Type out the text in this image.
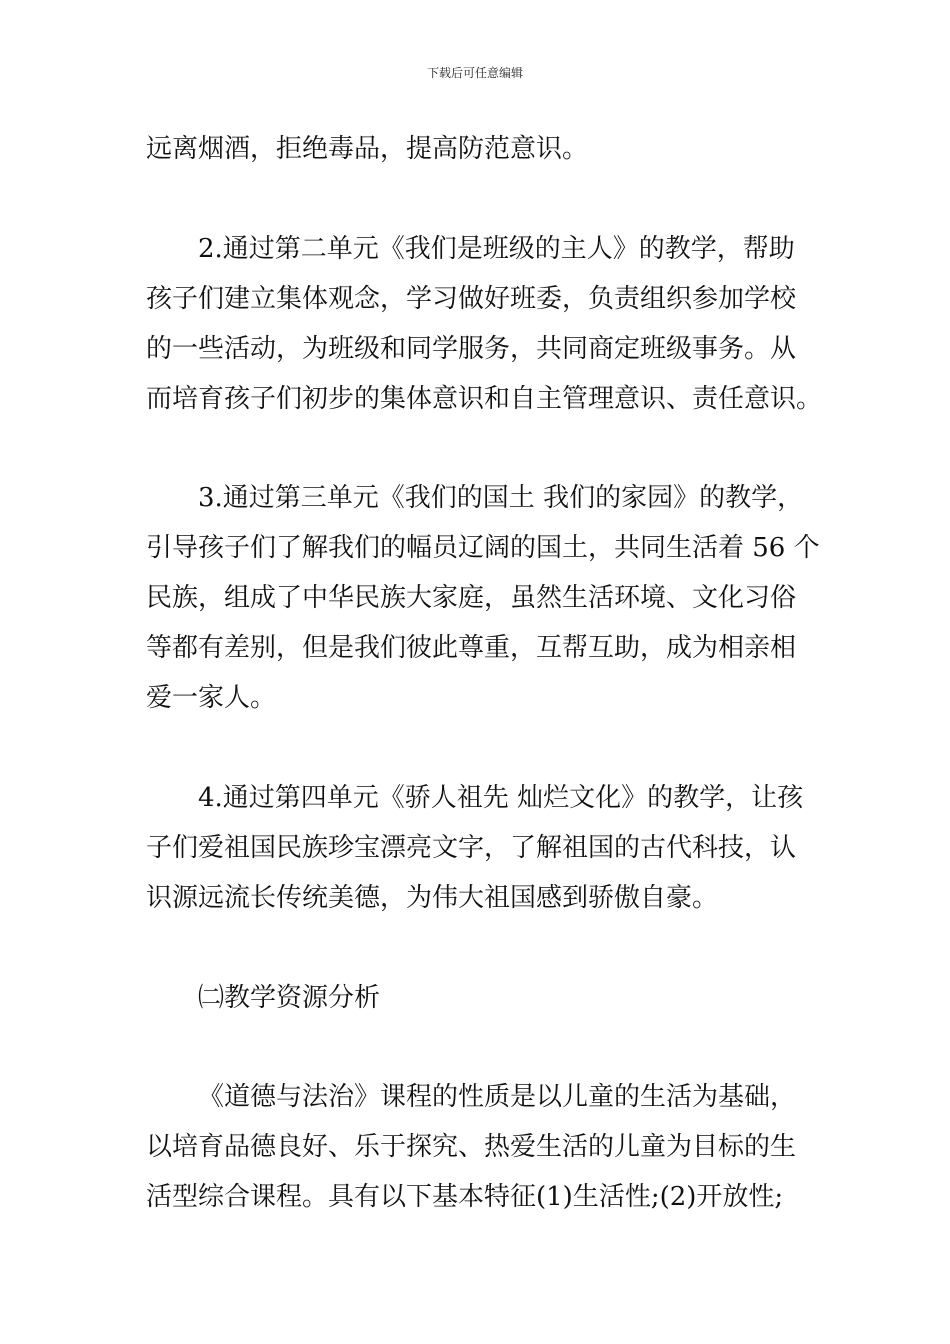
下载后可任意编辑
远离烟酒，拒绝毒品，提高防范意识。
2.通过第二单元《我们是班级的主人》的教学，帮助
孩子们建立集体观念，学习做好班委，负责组织参加学校
的一些活动，为班级和同学服务，共同商定班级事务。从
而培育孩子们初步的集体意识和自主管理意识、责任意识。
3.通过第三单元《我们的国土 我们的家园》的教学，
引导孩子们了解我们的幅员辽阔的国土，共同生活着 56 个
民族，组成了中华民族大家庭，虽然生活环境、文化习俗
等都有差别，但是我们彼此尊重，互帮互助，成为相亲相
爱一家人。
4.通过第四单元《骄人祖先 灿烂文化》的教学，让孩
子们爱祖国民族珍宝漂亮文字，了解祖国的古代科技，认
识源远流长传统美德，为伟大祖国感到骄傲自豪。
㈡教学资源分析
《道德与法治》课程的性质是以儿童的生活为基础，
以培育品德良好、乐于探究、热爱生活的儿童为目标的生
活型综合课程。具有以下基本特征(1)生活性;(2)开放性;
